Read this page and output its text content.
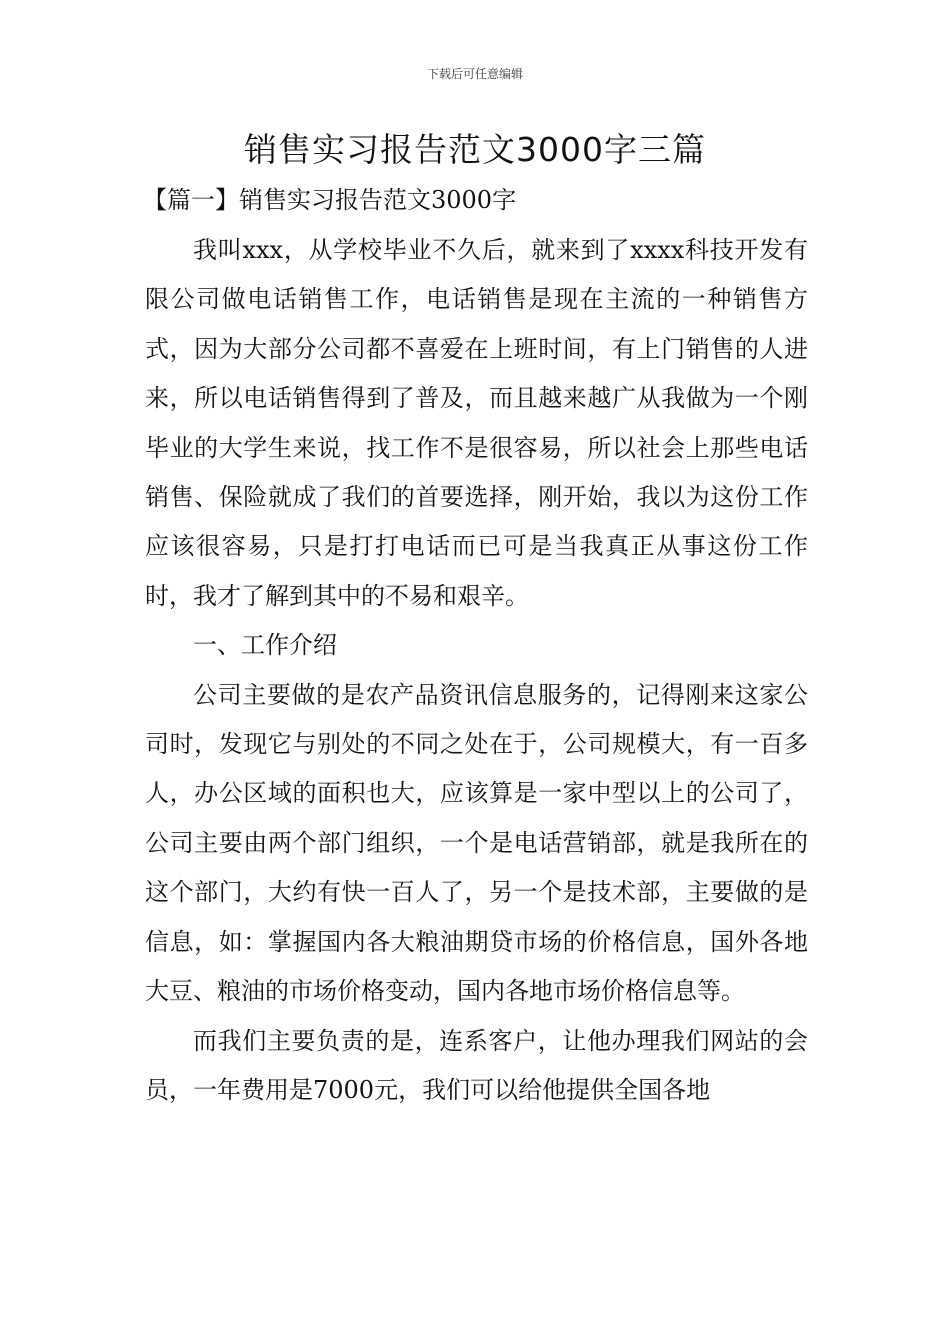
下载后可任意编辑
销售实习报告范文3000字三篇
【篇一】销售实习报告范文3000字

我叫xxx，从学校毕业不久后，就来到了xxxx科技开发有限公司做电话销售工作，电话销售是现在主流的一种销售方式，因为大部分公司都不喜爱在上班时间，有上门销售的人进来，所以电话销售得到了普及，而且越来越广从我做为一个刚毕业的大学生来说，找工作不是很容易，所以社会上那些电话销售、保险就成了我们的首要选择，刚开始，我以为这份工作应该很容易，只是打打电话而已可是当我真正从事这份工作时，我才了解到其中的不易和艰辛。

一、工作介绍

公司主要做的是农产品资讯信息服务的，记得刚来这家公司时，发现它与别处的不同之处在于，公司规模大，有一百多人，办公区域的面积也大，应该算是一家中型以上的公司了，公司主要由两个部门组织，一个是电话营销部，就是我所在的这个部门，大约有快一百人了，另一个是技术部，主要做的是信息，如：掌握国内各大粮油期贷市场的价格信息，国外各地大豆、粮油的市场价格变动，国内各地市场价格信息等。

而我们主要负责的是，连系客户，让他办理我们网站的会员，一年费用是7000元，我们可以给他提供全国各地
